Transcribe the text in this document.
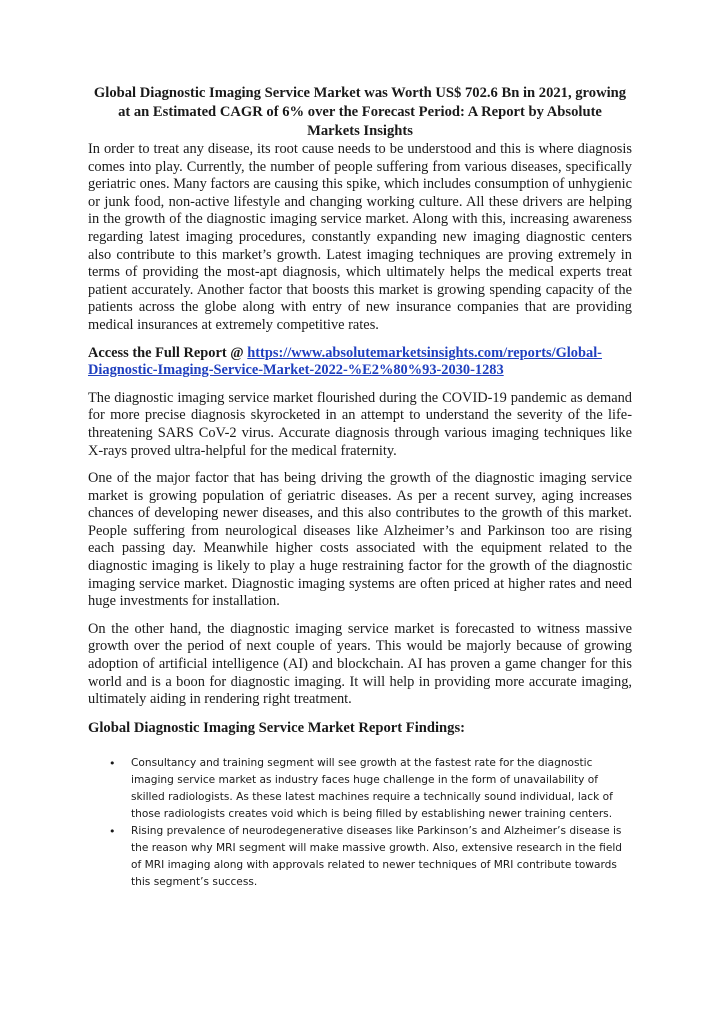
Global Diagnostic Imaging Service Market was Worth US$ 702.6 Bn in 2021, growing at an Estimated CAGR of 6% over the Forecast Period: A Report by Absolute Markets Insights

In order to treat any disease, its root cause needs to be understood and this is where diagnosis comes into play. Currently, the number of people suffering from various diseases, specifically geriatric ones. Many factors are causing this spike, which includes consumption of unhygienic or junk food, non-active lifestyle and changing working culture. All these drivers are helping in the growth of the diagnostic imaging service market. Along with this, increasing awareness regarding latest imaging procedures, constantly expanding new imaging diagnostic centers also contribute to this market’s growth. Latest imaging techniques are proving extremely in terms of providing the most-apt diagnosis, which ultimately helps the medical experts treat patient accurately. Another factor that boosts this market is growing spending capacity of the patients across the globe along with entry of new insurance companies that are providing medical insurances at extremely competitive rates.

Access the Full Report @ https://www.absolutemarketsinsights.com/reports/Global-Diagnostic-Imaging-Service-Market-2022-%E2%80%93-2030-1283

The diagnostic imaging service market flourished during the COVID-19 pandemic as demand for more precise diagnosis skyrocketed in an attempt to understand the severity of the life-threatening SARS CoV-2 virus. Accurate diagnosis through various imaging techniques like X-rays proved ultra-helpful for the medical fraternity.

One of the major factor that has being driving the growth of the diagnostic imaging service market is growing population of geriatric diseases. As per a recent survey, aging increases chances of developing newer diseases, and this also contributes to the growth of this market. People suffering from neurological diseases like Alzheimer’s and Parkinson too are rising each passing day. Meanwhile higher costs associated with the equipment related to the diagnostic imaging is likely to play a huge restraining factor for the growth of the diagnostic imaging service market. Diagnostic imaging systems are often priced at higher rates and need huge investments for installation.

On the other hand, the diagnostic imaging service market is forecasted to witness massive growth over the period of next couple of years. This would be majorly because of growing adoption of artificial intelligence (AI) and blockchain. AI has proven a game changer for this world and is a boon for diagnostic imaging. It will help in providing more accurate imaging, ultimately aiding in rendering right treatment.

Global Diagnostic Imaging Service Market Report Findings:
• Consultancy and training segment will see growth at the fastest rate for the diagnostic imaging service market as industry faces huge challenge in the form of unavailability of skilled radiologists. As these latest machines require a technically sound individual, lack of those radiologists creates void which is being filled by establishing newer training centers.
• Rising prevalence of neurodegenerative diseases like Parkinson’s and Alzheimer’s disease is the reason why MRI segment will make massive growth. Also, extensive research in the field of MRI imaging along with approvals related to newer techniques of MRI contribute towards this segment’s success.
